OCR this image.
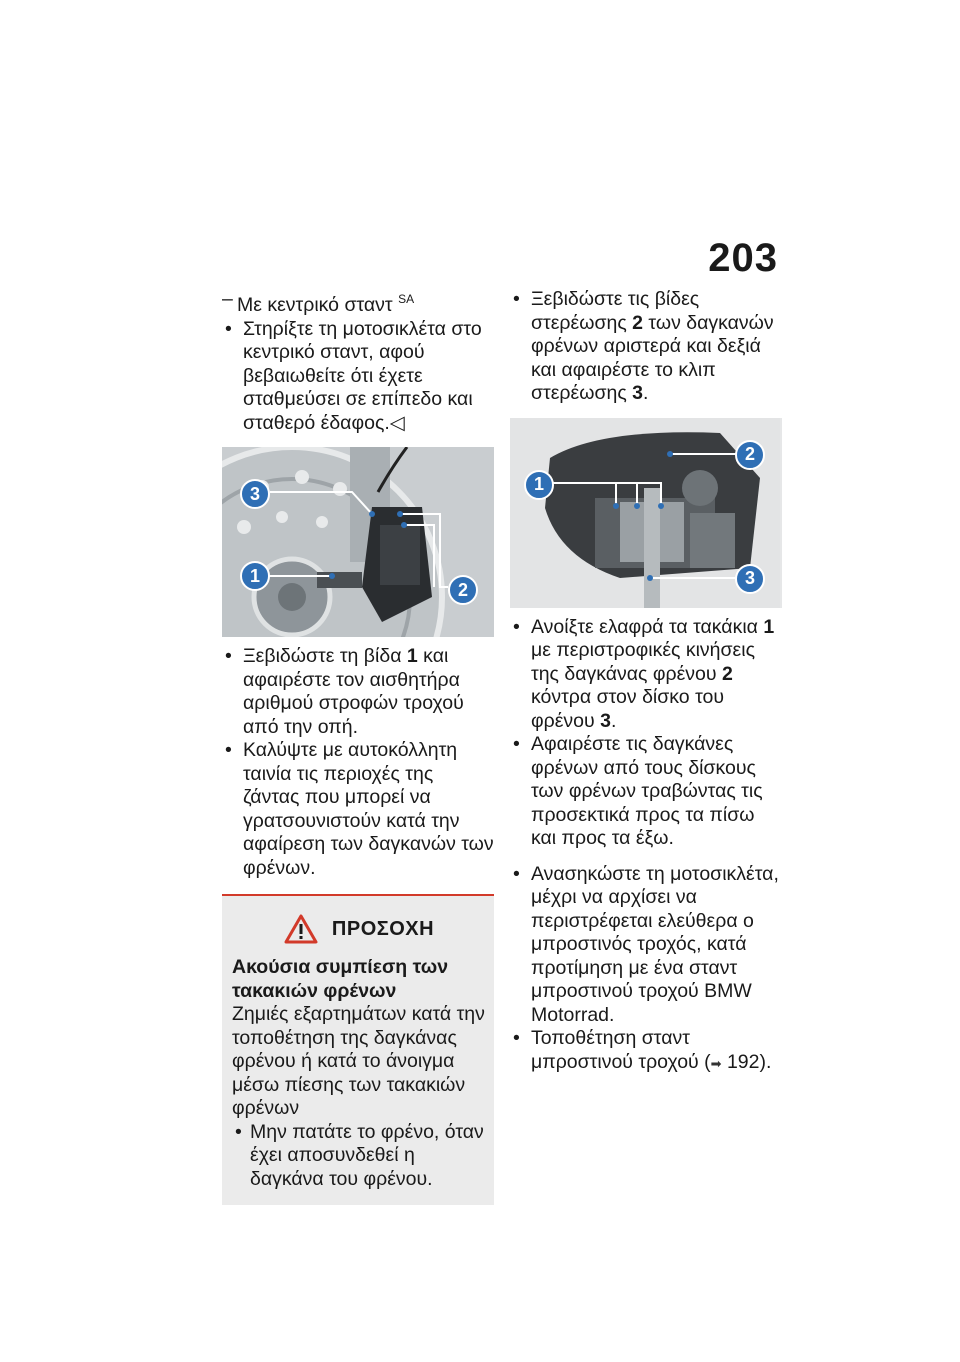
203
– Με κεντρικό σταντ $^{SA}$

• Στηρίξτε τη μοτοσικλέτα στο κεντρικό σταντ, αφού βεβαιωθείτε ότι έχετε σταθμεύσει σε επίπεδο και σταθερό έδαφος.◁

3
1
2

• Ξεβιδώστε τη βίδα 1 και αφαιρέστε τον αισθητήρα αριθμού στροφών τροχού από την οπή.

• Καλύψτε με αυτοκόλλητη ταινία τις περιοχές της ζάντας που μπορεί να γρατσουνιστούν κατά την αφαίρεση των δαγκανών των φρένων.

ΠΡΟΣΟΧΗ

Ακούσια συμπίεση των τακακιών φρένων

Ζημιές εξαρτημάτων κατά την τοποθέτηση της δαγκάνας φρένου ή κατά το άνοιγμα μέσω πίεσης των τακακιών φρένων

• Μην πατάτε το φρένο, όταν έχει αποσυνδεθεί η δαγκάνα του φρένου.

• Ξεβιδώστε τις βίδες στερέωσης 2 των δαγκανών φρένων αριστερά και δεξιά και αφαιρέστε το κλιπ στερέωσης 3.

2
1
3

• Ανοίξτε ελαφρά τα τακάκια 1 με περιστροφικές κινήσεις της δαγκάνας φρένου 2 κόντρα στον δίσκο του φρένου 3.

• Αφαιρέστε τις δαγκάνες φρένων από τους δίσκους των φρένων τραβώντας τις προσεκτικά προς τα πίσω και προς τα έξω.

• Ανασηκώστε τη μοτοσικλέτα, μέχρι να αρχίσει να περιστρέφεται ελεύθερα ο μπροστινός τροχός, κατά προτίμηση με ένα σταντ μπροστινού τροχού BMW Motorrad.

• Τοποθέτηση σταντ μπροστινού τροχού (➡ 192).
